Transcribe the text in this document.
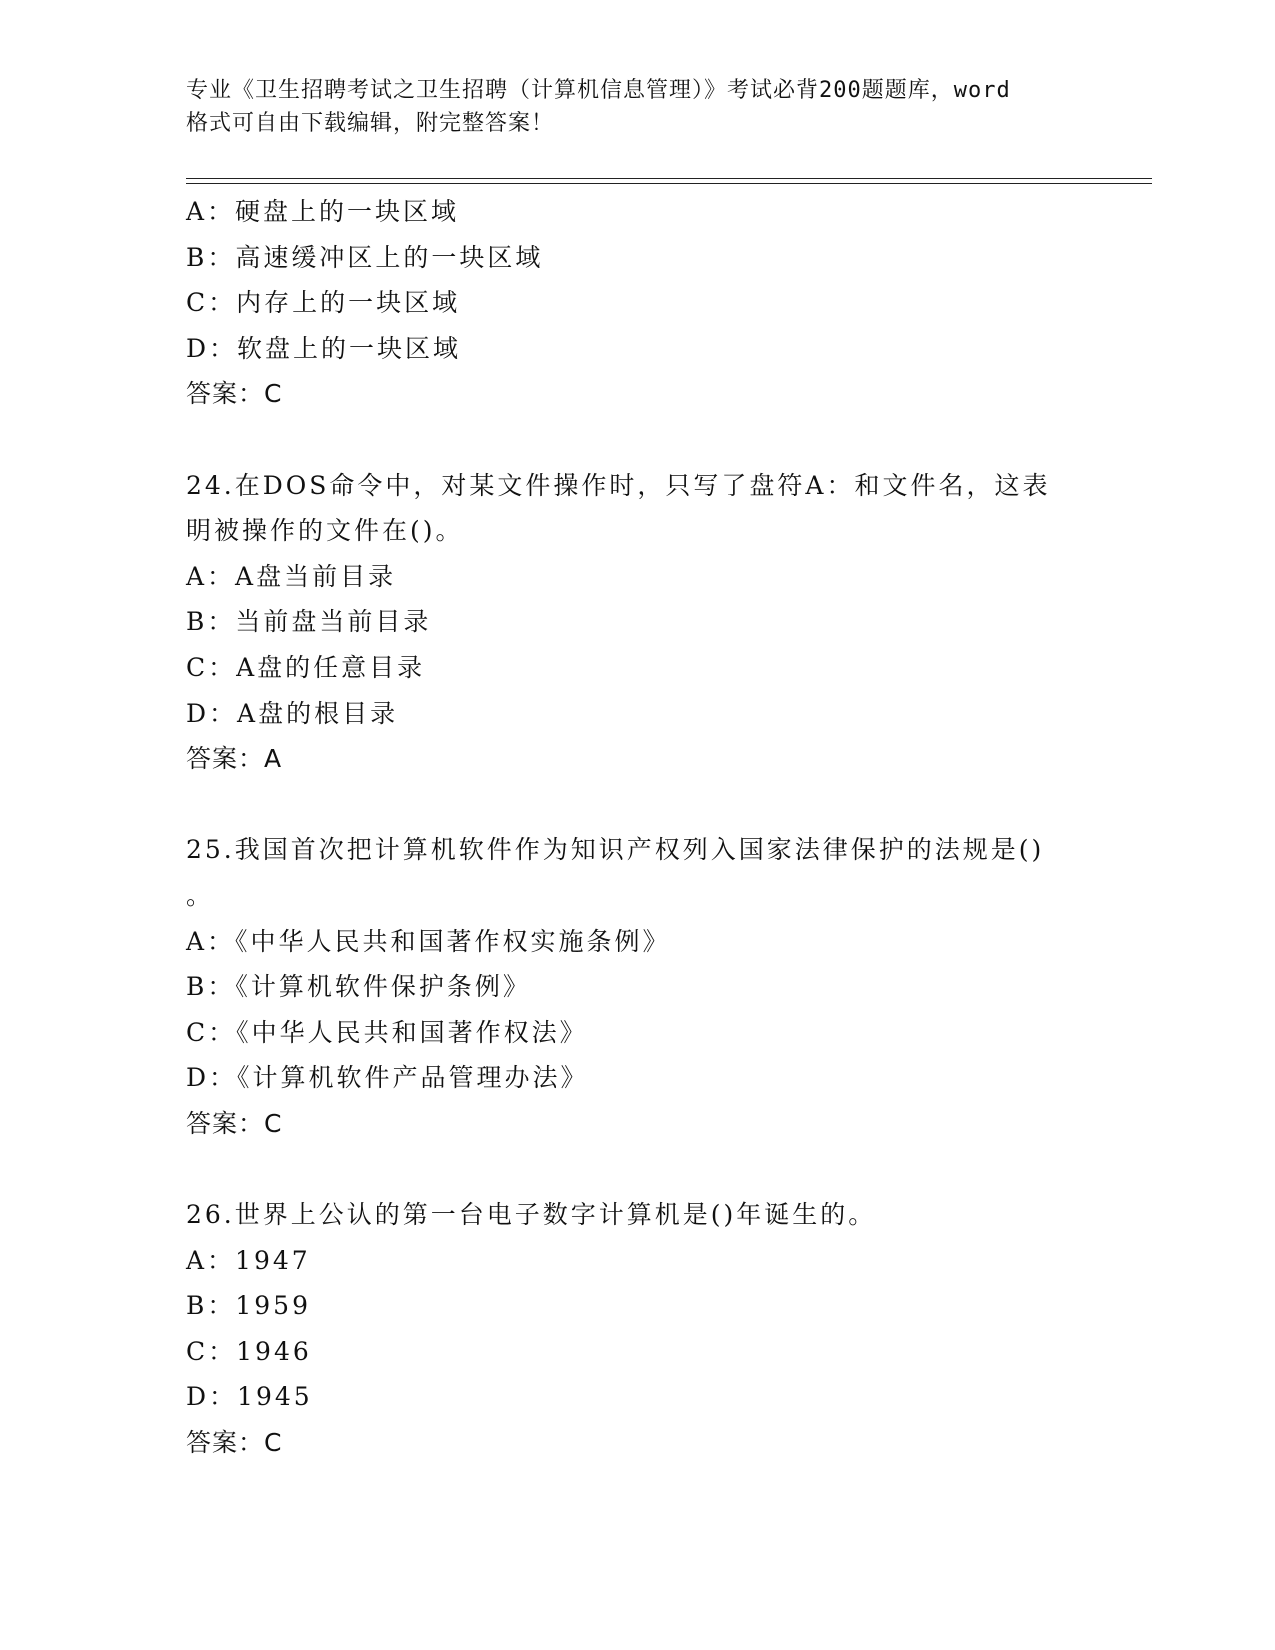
专业《卫生招聘考试之卫生招聘（计算机信息管理）》考试必背200题题库，word
格式可自由下载编辑，附完整答案！
A：硬盘上的一块区域
B：高速缓冲区上的一块区域
C：内存上的一块区域
D：软盘上的一块区域
答案：C
24.在DOS命令中，对某文件操作时，只写了盘符A：和文件名，这表
明被操作的文件在()。
A：A盘当前目录
B：当前盘当前目录
C：A盘的任意目录
D：A盘的根目录
答案：A
25.我国首次把计算机软件作为知识产权列入国家法律保护的法规是()
。
A：《中华人民共和国著作权实施条例》
B：《计算机软件保护条例》
C：《中华人民共和国著作权法》
D：《计算机软件产品管理办法》
答案：C
26.世界上公认的第一台电子数字计算机是()年诞生的。
A：1947
B：1959
C：1946
D：1945
答案：C
